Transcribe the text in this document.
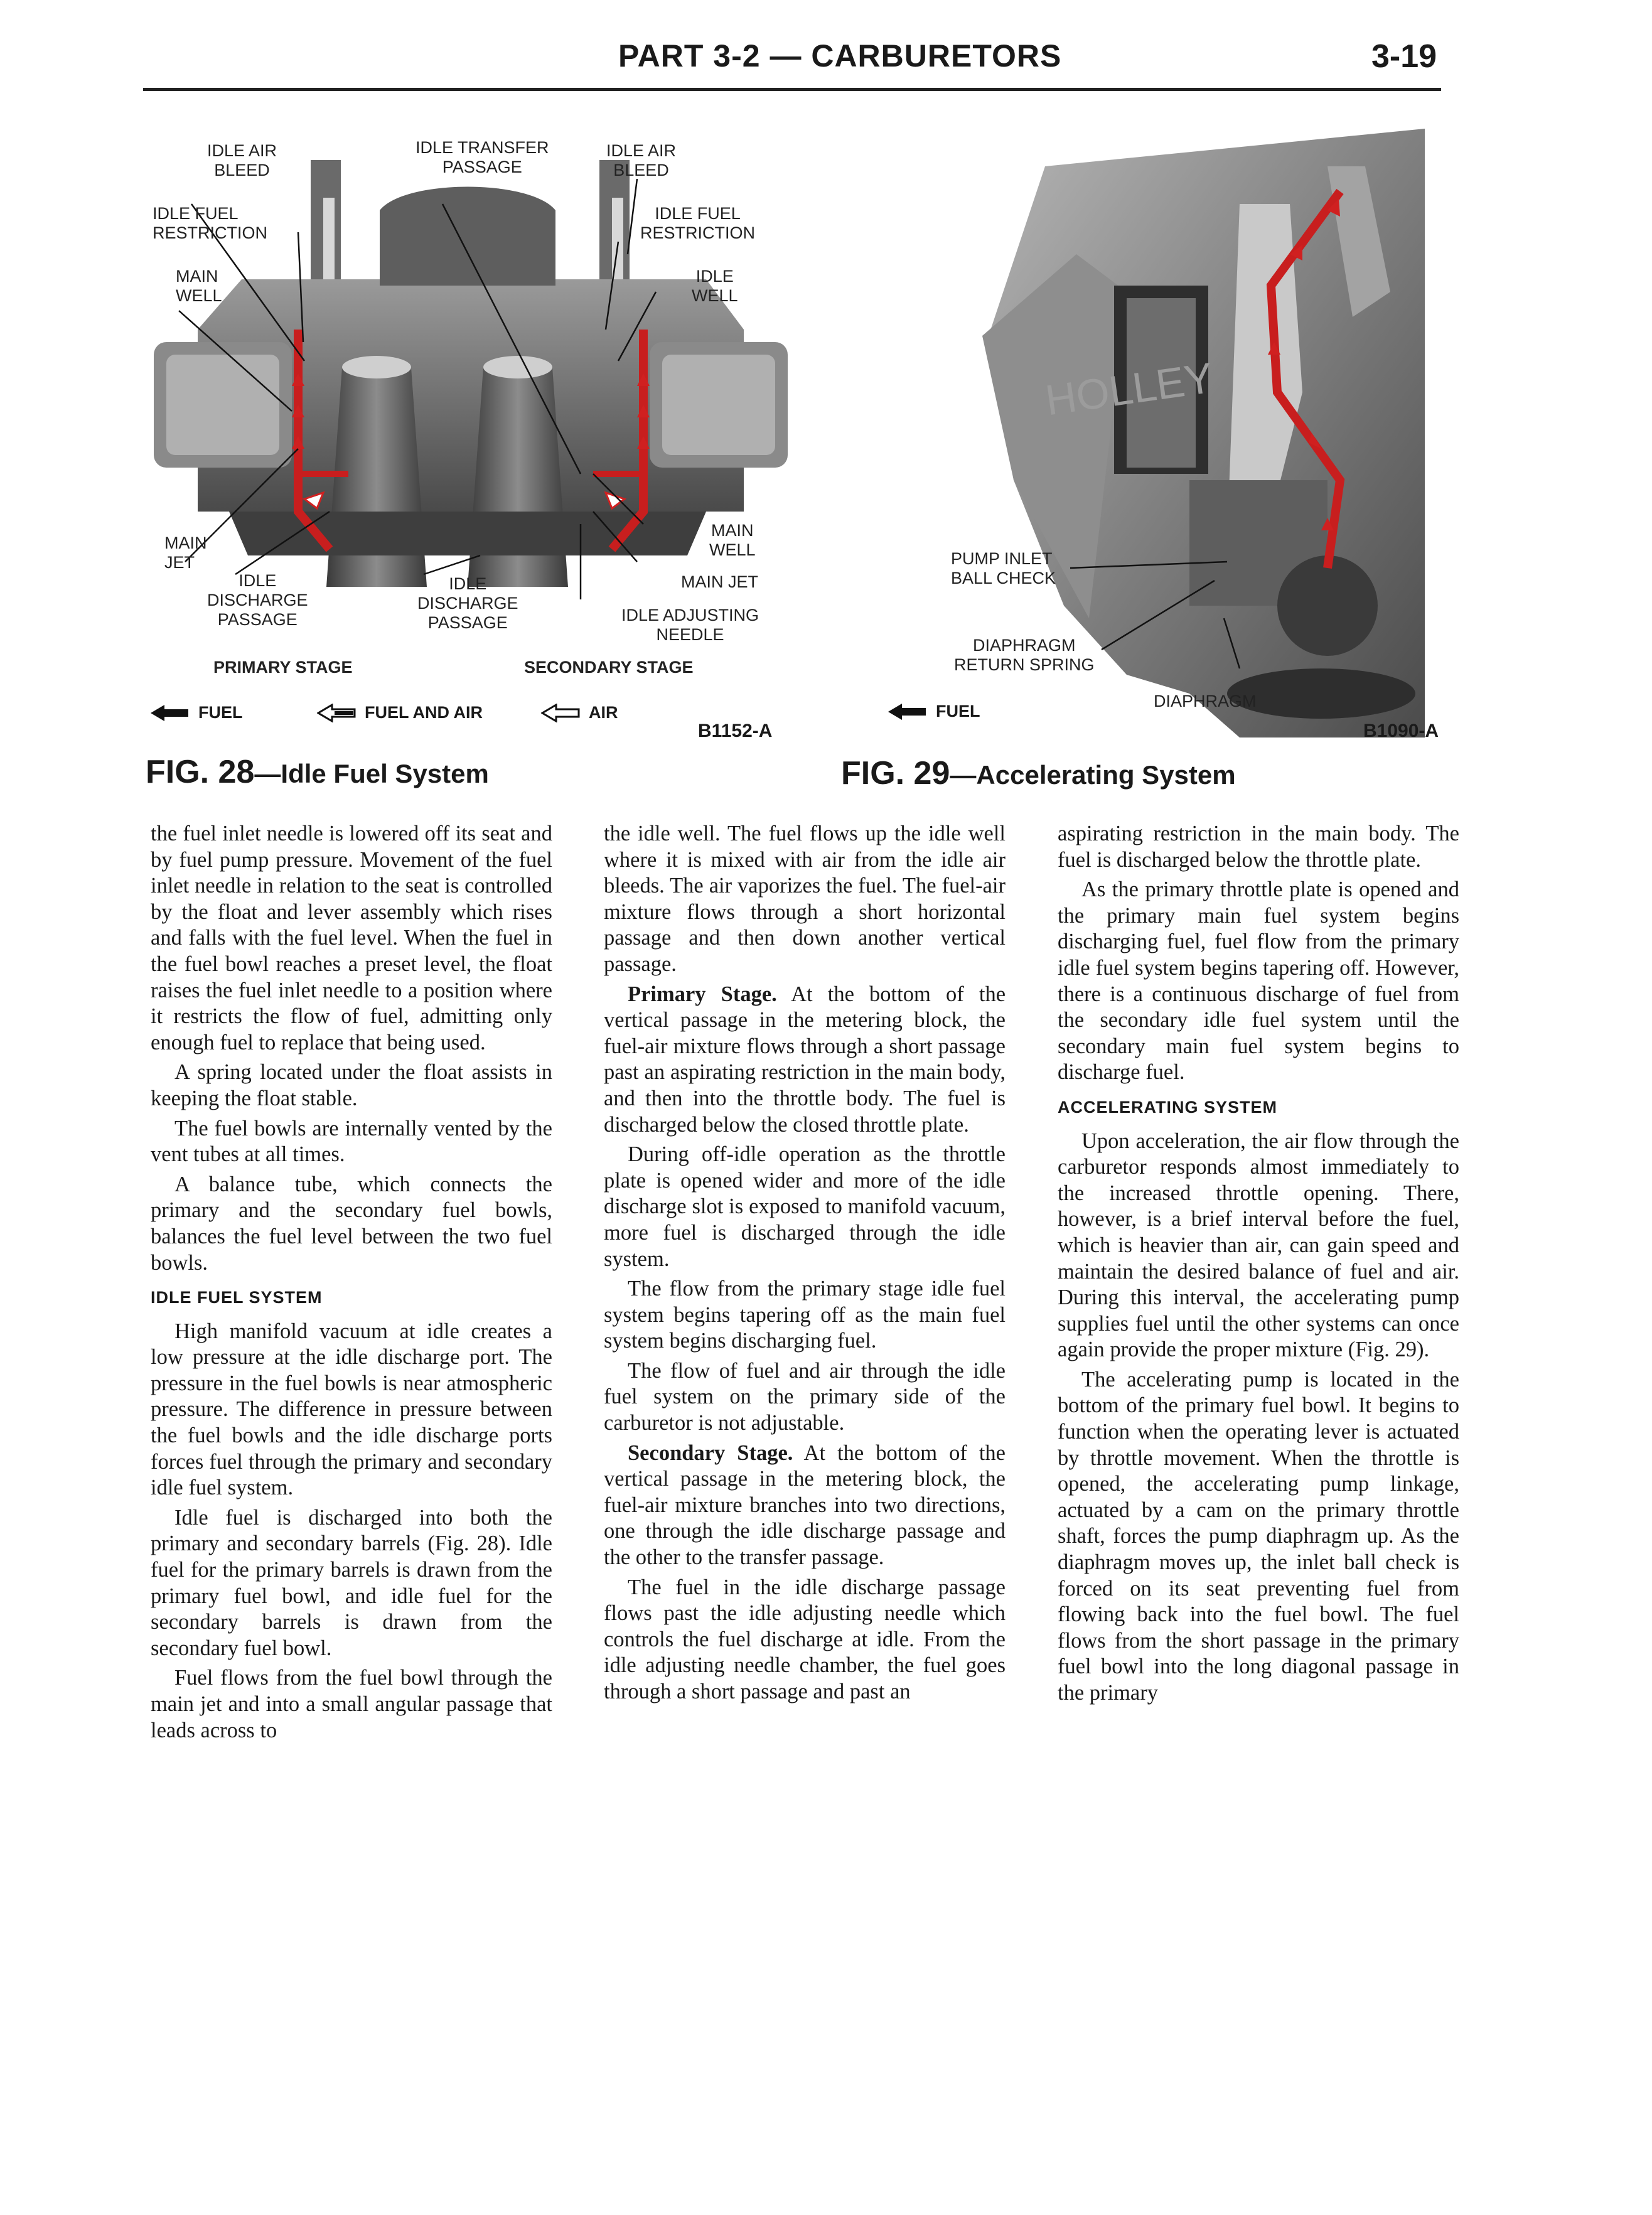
PART 3-2 — CARBURETORS	3-19
IDLE AIR
BLEED
IDLE TRANSFER
PASSAGE
IDLE AIR
BLEED
IDLE FUEL
RESTRICTION
IDLE FUEL
RESTRICTION
MAIN
WELL
IDLE
WELL
MAIN
JET
IDLE
DISCHARGE
PASSAGE
IDLE
DISCHARGE
PASSAGE
MAIN
WELL
MAIN JET
IDLE ADJUSTING
NEEDLE
PRIMARY STAGE	SECONDARY STAGE
FUEL	FUEL AND AIR	AIR
B1152-A
FIG. 28—Idle Fuel System
HOLLEY
PUMP INLET
BALL CHECK
DIAPHRAGM
RETURN SPRING
DIAPHRAGM
FUEL
B1090-A
FIG. 29—Accelerating System

the fuel inlet needle is lowered off its seat and by fuel pump pressure. Movement of the fuel inlet needle in relation to the seat is controlled by the float and lever assembly which rises and falls with the fuel level. When the fuel in the fuel bowl reaches a preset level, the float raises the fuel inlet needle to a position where it restricts the flow of fuel, admitting only enough fuel to replace that being used.

A spring located under the float assists in keeping the float stable.

The fuel bowls are internally vented by the vent tubes at all times.

A balance tube, which connects the primary and the secondary fuel bowls, balances the fuel level between the two fuel bowls.

IDLE FUEL SYSTEM

High manifold vacuum at idle creates a low pressure at the idle discharge port. The pressure in the fuel bowls is near atmospheric pressure. The difference in pressure between the fuel bowls and the idle discharge ports forces fuel through the primary and secondary idle fuel system.

Idle fuel is discharged into both the primary and secondary barrels (Fig. 28). Idle fuel for the primary barrels is drawn from the primary fuel bowl, and idle fuel for the secondary barrels is drawn from the secondary fuel bowl.

Fuel flows from the fuel bowl through the main jet and into a small angular passage that leads across to

the idle well. The fuel flows up the idle well where it is mixed with air from the idle air bleeds. The air vaporizes the fuel. The fuel-air mixture flows through a short horizontal passage and then down another vertical passage.

Primary Stage. At the bottom of the vertical passage in the metering block, the fuel-air mixture flows through a short passage past an aspirating restriction in the main body, and then into the throttle body. The fuel is discharged below the closed throttle plate.

During off-idle operation as the throttle plate is opened wider and more of the idle discharge slot is exposed to manifold vacuum, more fuel is discharged through the idle system.

The flow from the primary stage idle fuel system begins tapering off as the main fuel system begins discharging fuel.

The flow of fuel and air through the idle fuel system on the primary side of the carburetor is not adjustable.

Secondary Stage. At the bottom of the vertical passage in the metering block, the fuel-air mixture branches into two directions, one through the idle discharge passage and the other to the transfer passage.

The fuel in the idle discharge passage flows past the idle adjusting needle which controls the fuel discharge at idle. From the idle adjusting needle chamber, the fuel goes through a short passage and past an

aspirating restriction in the main body. The fuel is discharged below the throttle plate.

As the primary throttle plate is opened and the primary main fuel system begins discharging fuel, fuel flow from the primary idle fuel system begins tapering off. However, there is a continuous discharge of fuel from the secondary idle fuel system until the secondary main fuel system begins to discharge fuel.

ACCELERATING SYSTEM

Upon acceleration, the air flow through the carburetor responds almost immediately to the increased throttle opening. There, however, is a brief interval before the fuel, which is heavier than air, can gain speed and maintain the desired balance of fuel and air. During this interval, the accelerating pump supplies fuel until the other systems can once again provide the proper mixture (Fig. 29).

The accelerating pump is located in the bottom of the primary fuel bowl. It begins to function when the operating lever is actuated by throttle movement. When the throttle is opened, the accelerating pump linkage, actuated by a cam on the primary throttle shaft, forces the pump diaphragm up. As the diaphragm moves up, the inlet ball check is forced on its seat preventing fuel from flowing back into the fuel bowl. The fuel flows from the short passage in the primary fuel bowl into the long diagonal passage in the primary
